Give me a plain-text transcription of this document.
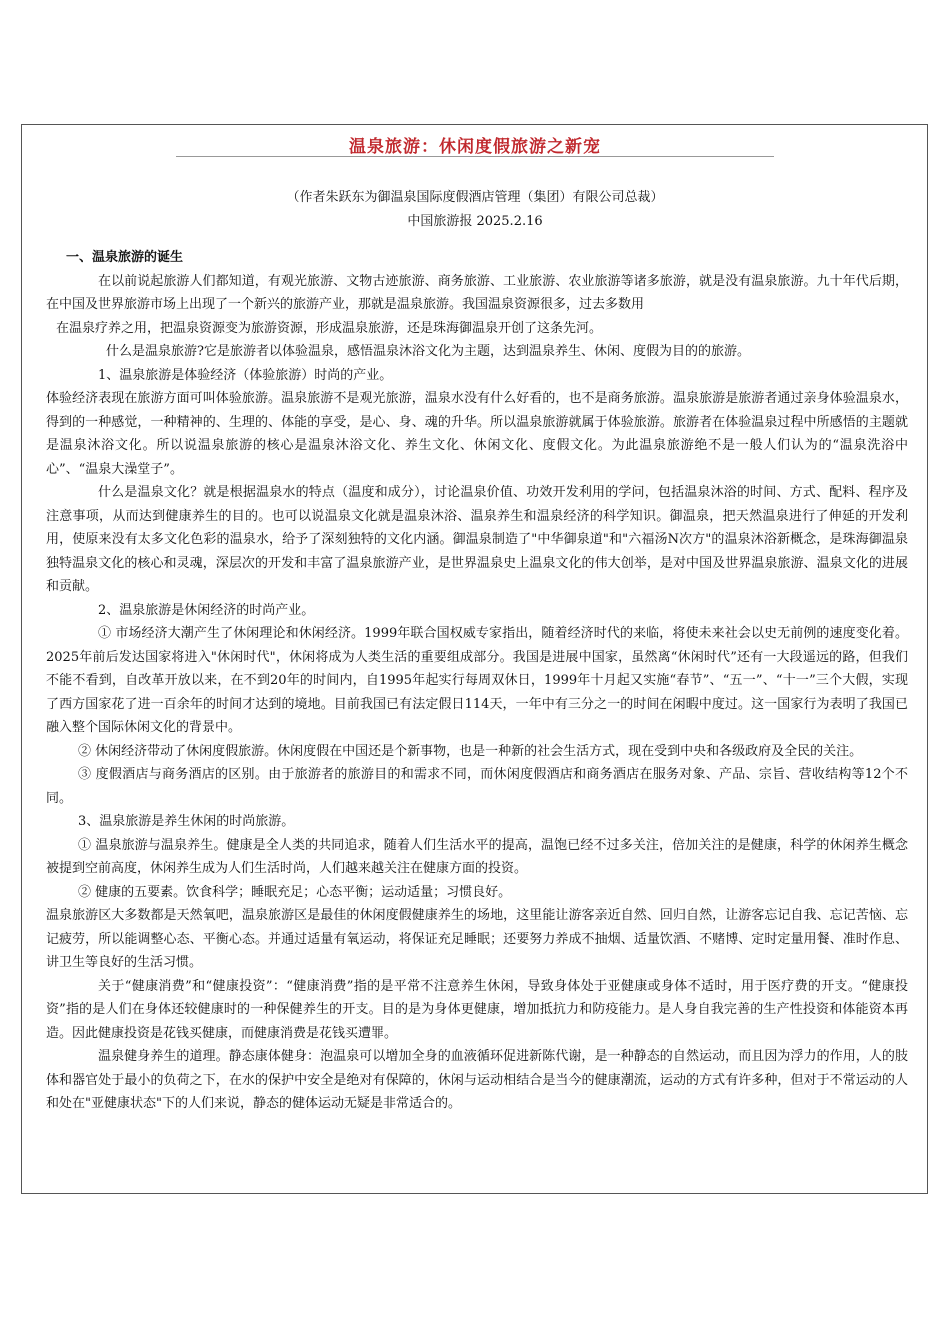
温泉旅游：休闲度假旅游之新宠
（作者朱跃东为御温泉国际度假酒店管理（集团）有限公司总裁）
中国旅游报 2025.2.16

一、温泉旅游的诞生

在以前说起旅游人们都知道，有观光旅游、文物古迹旅游、商务旅游、工业旅游、农业旅游等诸多旅游，就是没有温泉旅游。九十年代后期，在中国及世界旅游市场上出现了一个新兴的旅游产业，那就是温泉旅游。我国温泉资源很多，过去多数用

在温泉疗养之用，把温泉资源变为旅游资源，形成温泉旅游，还是珠海御温泉开创了这条先河。

什么是温泉旅游?它是旅游者以体验温泉，感悟温泉沐浴文化为主题，达到温泉养生、休闲、度假为目的的旅游。

1、温泉旅游是体验经济（体验旅游）时尚的产业。

体验经济表现在旅游方面可叫体验旅游。温泉旅游不是观光旅游，温泉水没有什么好看的，也不是商务旅游。温泉旅游是旅游者通过亲身体验温泉水，得到的一种感觉，一种精神的、生理的、体能的享受，是心、身、魂的升华。所以温泉旅游就属于体验旅游。旅游者在体验温泉过程中所感悟的主题就是温泉沐浴文化。所以说温泉旅游的核心是温泉沐浴文化、养生文化、休闲文化、度假文化。为此温泉旅游绝不是一般人们认为的“温泉洗浴中心”、“温泉大澡堂子”。

什么是温泉文化？就是根据温泉水的特点（温度和成分），讨论温泉价值、功效开发利用的学问，包括温泉沐浴的时间、方式、配料、程序及注意事项，从而达到健康养生的目的。也可以说温泉文化就是温泉沐浴、温泉养生和温泉经济的科学知识。御温泉，把天然温泉进行了伸延的开发利用，使原来没有太多文化色彩的温泉水，给予了深刻独特的文化内涵。御温泉制造了"中华御泉道"和"六福汤N次方"的温泉沐浴新概念，是珠海御温泉独特温泉文化的核心和灵魂，深层次的开发和丰富了温泉旅游产业，是世界温泉史上温泉文化的伟大创举，是对中国及世界温泉旅游、温泉文化的进展和贡献。

2、温泉旅游是休闲经济的时尚产业。

① 市场经济大潮产生了休闲理论和休闲经济。1999年联合国权威专家指出，随着经济时代的来临，将使未来社会以史无前例的速度变化着。2025年前后发达国家将进入"休闲时代"，休闲将成为人类生活的重要组成部分。我国是进展中国家，虽然离“休闲时代”还有一大段遥远的路，但我们不能不看到，自改革开放以来，在不到20年的时间内，自1995年起实行每周双休日，1999年十月起又实施“春节”、“五一”、“十一”三个大假，实现了西方国家花了进一百余年的时间才达到的境地。目前我国已有法定假日114天，一年中有三分之一的时间在闲暇中度过。这一国家行为表明了我国已融入整个国际休闲文化的背景中。

② 休闲经济带动了休闲度假旅游。休闲度假在中国还是个新事物，也是一种新的社会生活方式，现在受到中央和各级政府及全民的关注。

③ 度假酒店与商务酒店的区别。由于旅游者的旅游目的和需求不同，而休闲度假酒店和商务酒店在服务对象、产品、宗旨、营收结构等12个不同。

3、温泉旅游是养生休闲的时尚旅游。

① 温泉旅游与温泉养生。健康是全人类的共同追求，随着人们生活水平的提高，温饱已经不过多关注，倍加关注的是健康，科学的休闲养生概念被提到空前高度，休闲养生成为人们生活时尚，人们越来越关注在健康方面的投资。

② 健康的五要素。饮食科学；睡眠充足；心态平衡；运动适量；习惯良好。

温泉旅游区大多数都是天然氧吧，温泉旅游区是最佳的休闲度假健康养生的场地，这里能让游客亲近自然、回归自然，让游客忘记自我、忘记苦恼、忘记疲劳，所以能调整心态、平衡心态。并通过适量有氧运动，将保证充足睡眠；还要努力养成不抽烟、适量饮酒、不赌博、定时定量用餐、准时作息、讲卫生等良好的生活习惯。

关于“健康消费”和“健康投资”：“健康消费”指的是平常不注意养生休闲，导致身体处于亚健康或身体不适时，用于医疗费的开支。“健康投资”指的是人们在身体还较健康时的一种保健养生的开支。目的是为身体更健康，增加抵抗力和防疫能力。是人身自我完善的生产性投资和体能资本再造。因此健康投资是花钱买健康，而健康消费是花钱买遭罪。

温泉健身养生的道理。静态康体健身：泡温泉可以增加全身的血液循环促进新陈代谢，是一种静态的自然运动，而且因为浮力的作用，人的肢体和器官处于最小的负荷之下，在水的保护中安全是绝对有保障的，休闲与运动相结合是当今的健康潮流，运动的方式有许多种，但对于不常运动的人和处在"亚健康状态"下的人们来说，静态的健体运动无疑是非常适合的。
